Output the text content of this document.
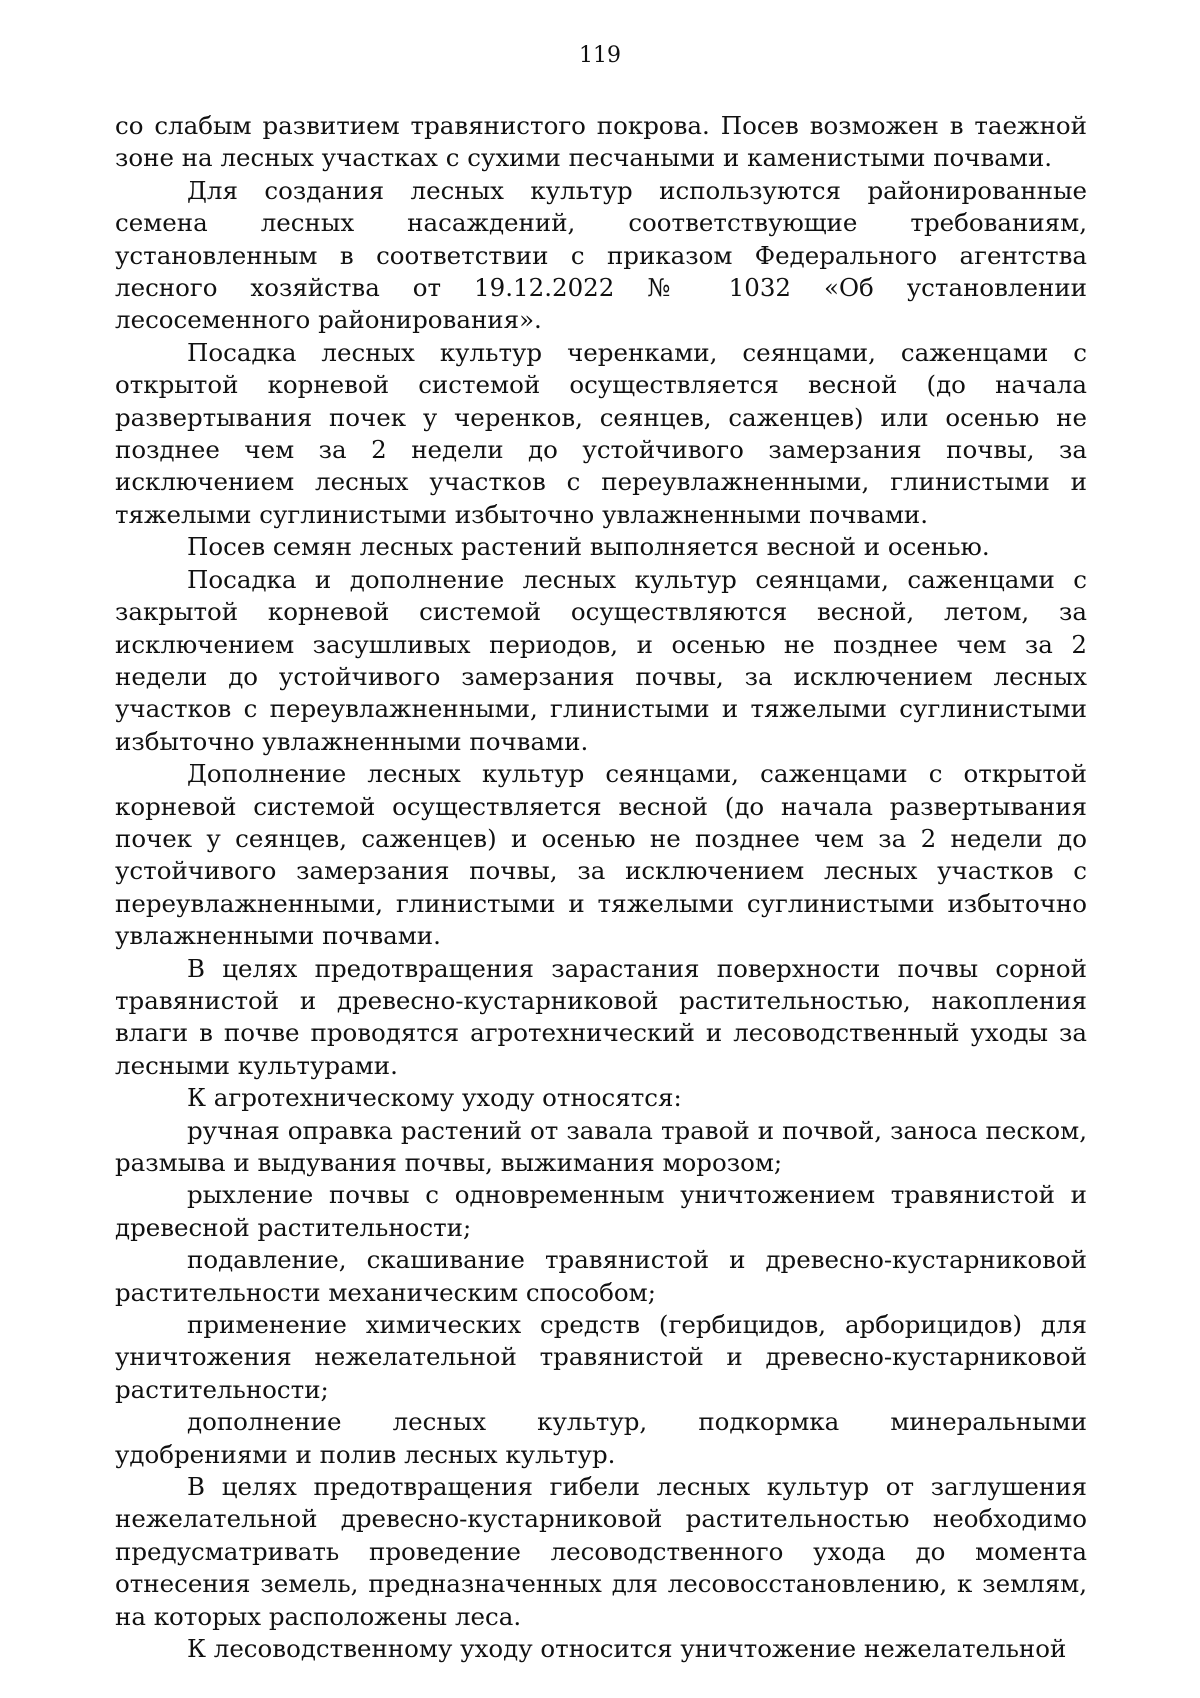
119

со слабым развитием травянистого покрова. Посев возможен в таежной зоне на лесных участках с сухими песчаными и каменистыми почвами.

Для создания лесных культур используются районированные семена лесных насаждений, соответствующие требованиям, установленным в соответствии с приказом Федерального агентства лесного хозяйства от 19.12.2022 № 1032 «Об установлении лесосеменного районирования».

Посадка лесных культур черенками, сеянцами, саженцами с открытой корневой системой осуществляется весной (до начала развертывания почек у черенков, сеянцев, саженцев) или осенью не позднее чем за 2 недели до устойчивого замерзания почвы, за исключением лесных участков с переувлажненными, глинистыми и тяжелыми суглинистыми избыточно увлажненными почвами.

Посев семян лесных растений выполняется весной и осенью.

Посадка и дополнение лесных культур сеянцами, саженцами с закрытой корневой системой осуществляются весной, летом, за исключением засушливых периодов, и осенью не позднее чем за 2 недели до устойчивого замерзания почвы, за исключением лесных участков с переувлажненными, глинистыми и тяжелыми суглинистыми избыточно увлажненными почвами.

Дополнение лесных культур сеянцами, саженцами с открытой корневой системой осуществляется весной (до начала развертывания почек у сеянцев, саженцев) и осенью не позднее чем за 2 недели до устойчивого замерзания почвы, за исключением лесных участков с переувлажненными, глинистыми и тяжелыми суглинистыми избыточно увлажненными почвами.

В целях предотвращения зарастания поверхности почвы сорной травянистой и древесно-кустарниковой растительностью, накопления влаги в почве проводятся агротехнический и лесоводственный уходы за лесными культурами.

К агротехническому уходу относятся:

ручная оправка растений от завала травой и почвой, заноса песком, размыва и выдувания почвы, выжимания морозом;

рыхление почвы с одновременным уничтожением травянистой и древесной растительности;

подавление, скашивание травянистой и древесно-кустарниковой растительности механическим способом;

применение химических средств (гербицидов, арборицидов) для уничтожения нежелательной травянистой и древесно-кустарниковой растительности;

дополнение лесных культур, подкормка минеральными удобрениями и полив лесных культур.

В целях предотвращения гибели лесных культур от заглушения нежелательной древесно-кустарниковой растительностью необходимо предусматривать проведение лесоводственного ухода до момента отнесения земель, предназначенных для лесовосстановлению, к землям, на которых расположены леса.

К лесоводственному уходу относится уничтожение нежелательной
